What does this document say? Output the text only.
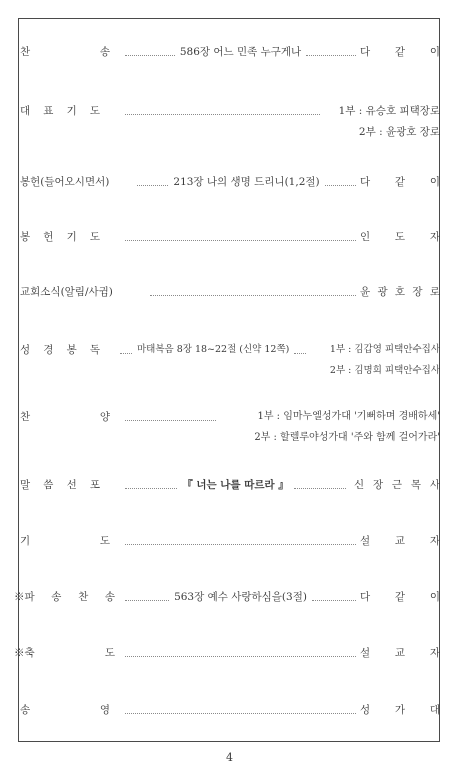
찬	송	586장 어느 민족 누구게나	다 같 이
대 표 기 도	1부 : 유승호 피택장로
2부 : 윤광호 장로
봉헌(들어오시면서)	213장 나의 생명 드리니(1,2절)	다 같 이
봉 헌 기 도	인 도 자
교회소식(알림/사귐)	윤 광 호 장 로
성 경 봉 독	마태복음 8장 18~22절 (신약 12쪽)	1부 : 김갑영 피택안수집사
2부 : 김명희 피택안수집사
찬	양	1부 : 임마누엘성가대 '기뻐하며 경배하세'
2부 : 할렐루야성가대 '주와 함께 걸어가라'
말 씀 선 포	『 너는 나를 따르라 』	신 장 근 목 사
기	도	설 교 자
※파 송 찬 송	563장 예수 사랑하심을(3절)	다 같 이
※축	도	설 교 자
송	영	성 가 대
4
